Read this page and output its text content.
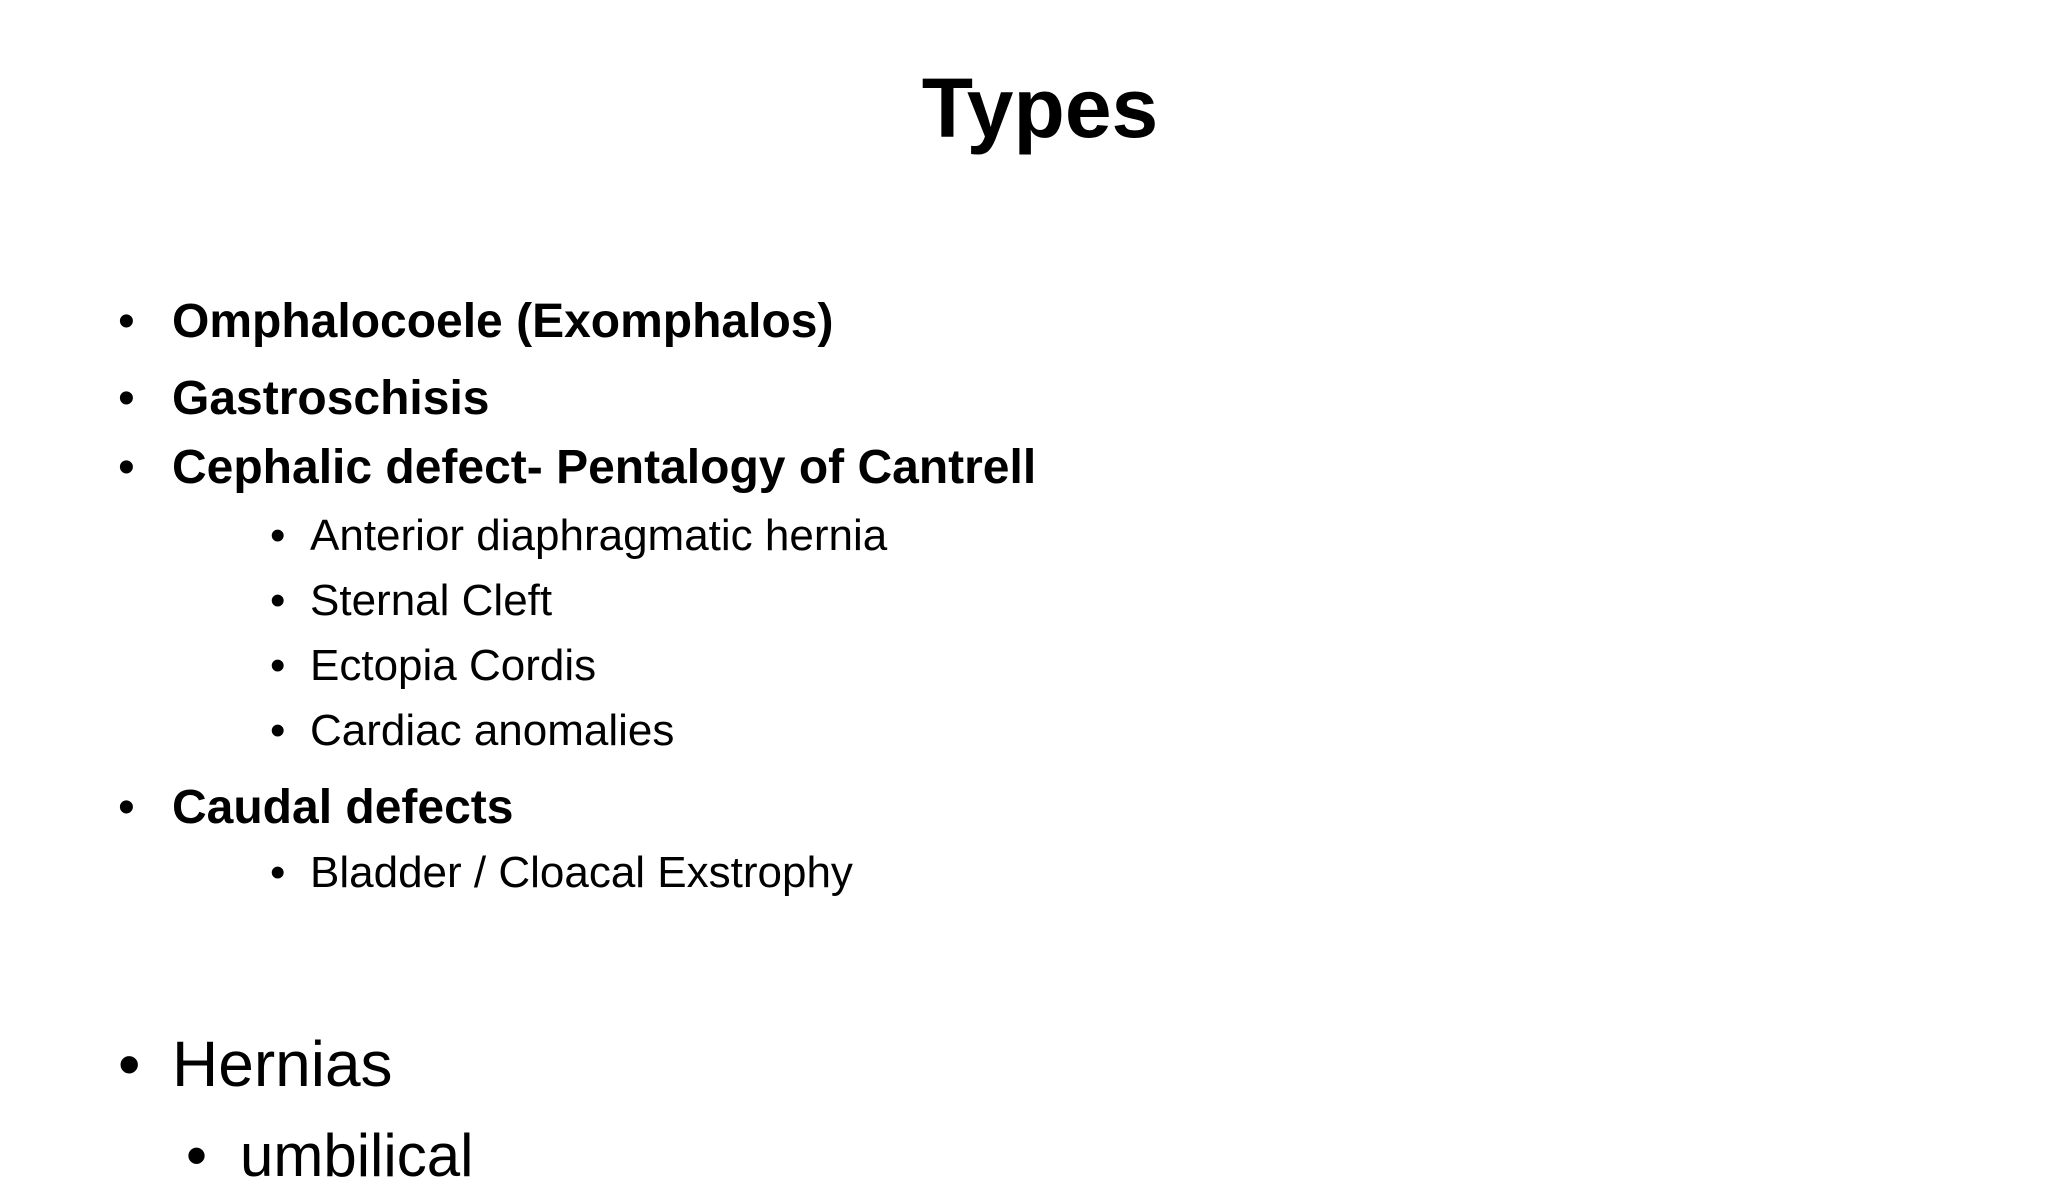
Types
• Omphalocoele (Exomphalos)
• Gastroschisis
• Cephalic defect- Pentalogy of Cantrell
• Anterior diaphragmatic hernia
• Sternal Cleft
• Ectopia Cordis
• Cardiac anomalies
• Caudal defects
• Bladder / Cloacal Exstrophy
• Hernias
• umbilical
